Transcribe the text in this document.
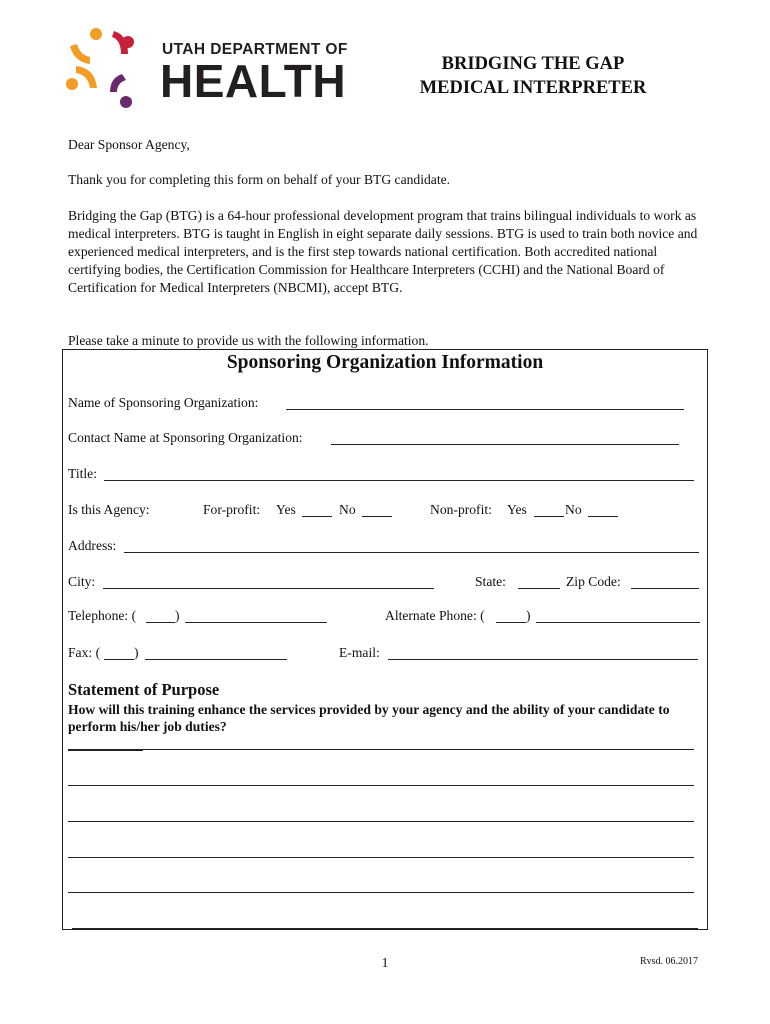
UTAH DEPARTMENT OF
HEALTH	BRIDGING THE GAP
MEDICAL INTERPRETER
Dear Sponsor Agency,
Thank you for completing this form on behalf of your BTG candidate.
Bridging the Gap (BTG) is a 64-hour professional development program that trains bilingual individuals to work as medical interpreters. BTG is taught in English in eight separate daily sessions. BTG is used to train both novice and experienced medical interpreters, and is the first step towards national certification. Both accredited national certifying bodies, the Certification Commission for Healthcare Interpreters (CCHI) and the National Board of Certification for Medical Interpreters (NBCMI), accept BTG.
Please take a minute to provide us with the following information.
Sponsoring Organization Information
Name of Sponsoring Organization:
Contact Name at Sponsoring Organization:
Title:
Is this Agency:	For-profit: Yes	No	Non-profit: Yes	No
Address:
City:	State:	Zip Code:
Telephone: (	)	Alternate Phone: (	)
Fax: ( )	E-mail:
Statement of Purpose
How will this training enhance the services provided by your agency and the ability of your candidate to perform his/her job duties?
1	Rvsd. 06.2017
